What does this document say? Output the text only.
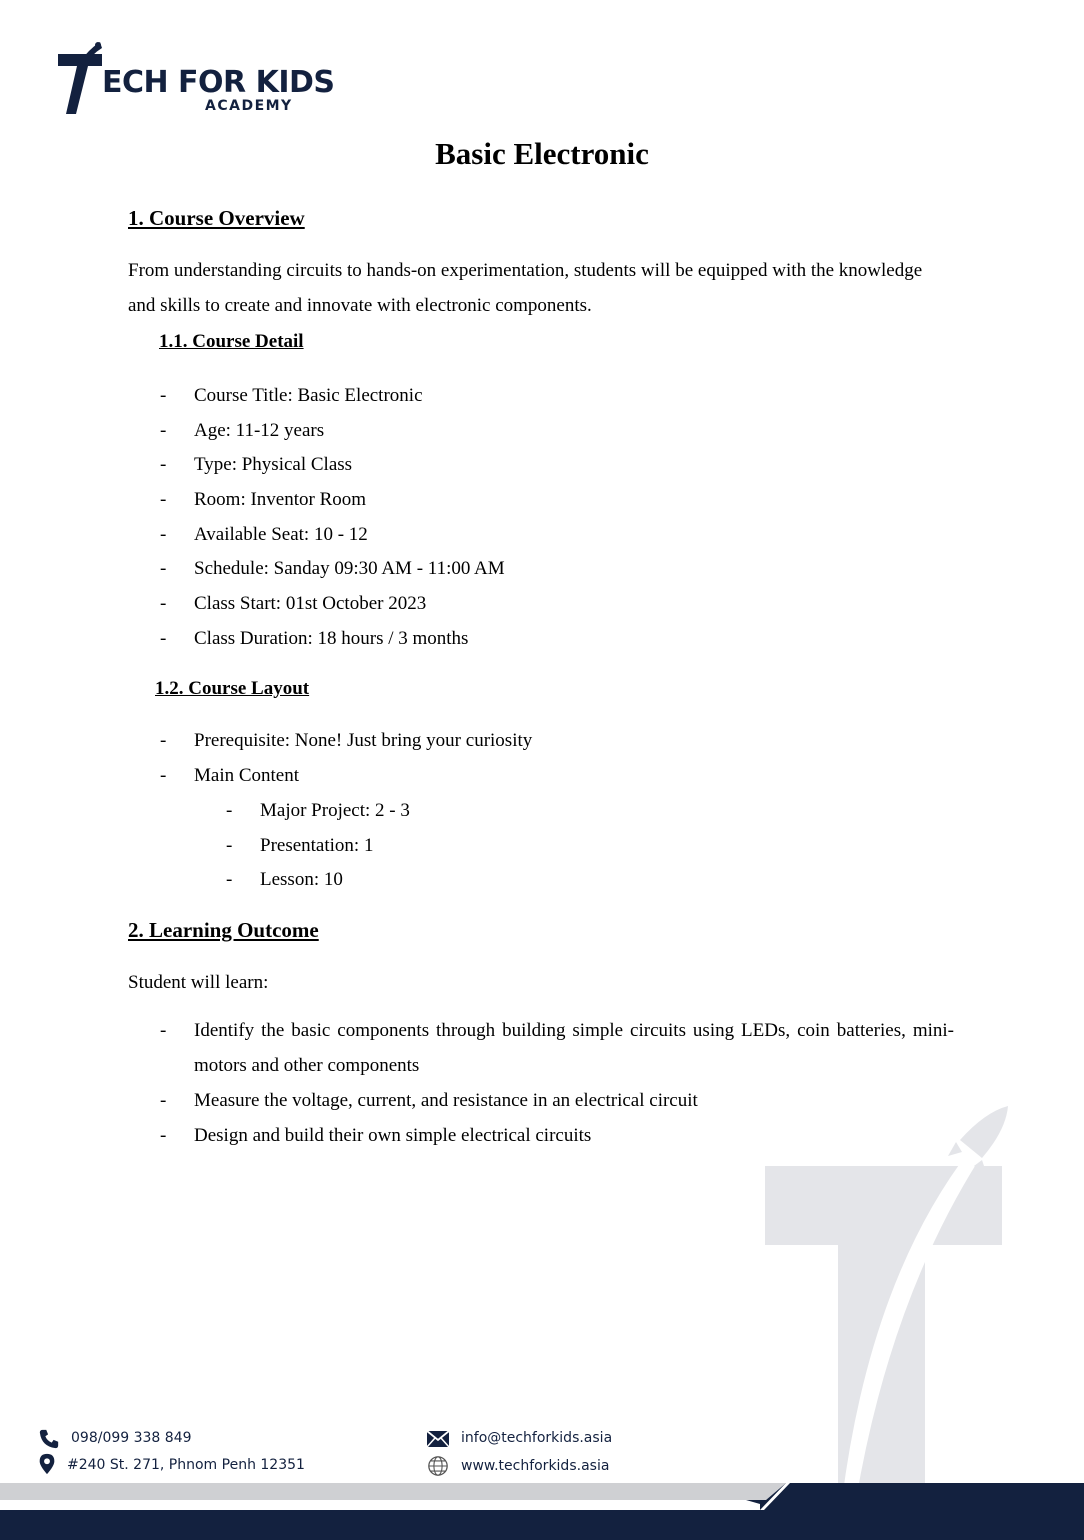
ECH FOR KIDS
ACADEMY
Basic Electronic
1. Course Overview

From understanding circuits to hands-on experimentation, students will be equipped with the knowledge and skills to create and innovate with electronic components.

1.1. Course Detail
- Course Title: Basic Electronic
- Age: 11-12 years
- Type: Physical Class
- Room: Inventor Room
- Available Seat: 10 - 12
- Schedule: Sanday 09:30 AM - 11:00 AM
- Class Start: 01st October 2023
- Class Duration: 18 hours / 3 months
1.2. Course Layout
- Prerequisite: None! Just bring your curiosity
- Main Content
- Major Project: 2 - 3
- Presentation: 1
- Lesson: 10
2. Learning Outcome

Student will learn:

- Identify the basic components through building simple circuits using LEDs, coin batteries, mini-motors and other components
- Measure the voltage, current, and resistance in an electrical circuit
- Design and build their own simple electrical circuits
098/099 338 849
#240 St. 271, Phnom Penh 12351
info@techforkids.asia
www.techforkids.asia
